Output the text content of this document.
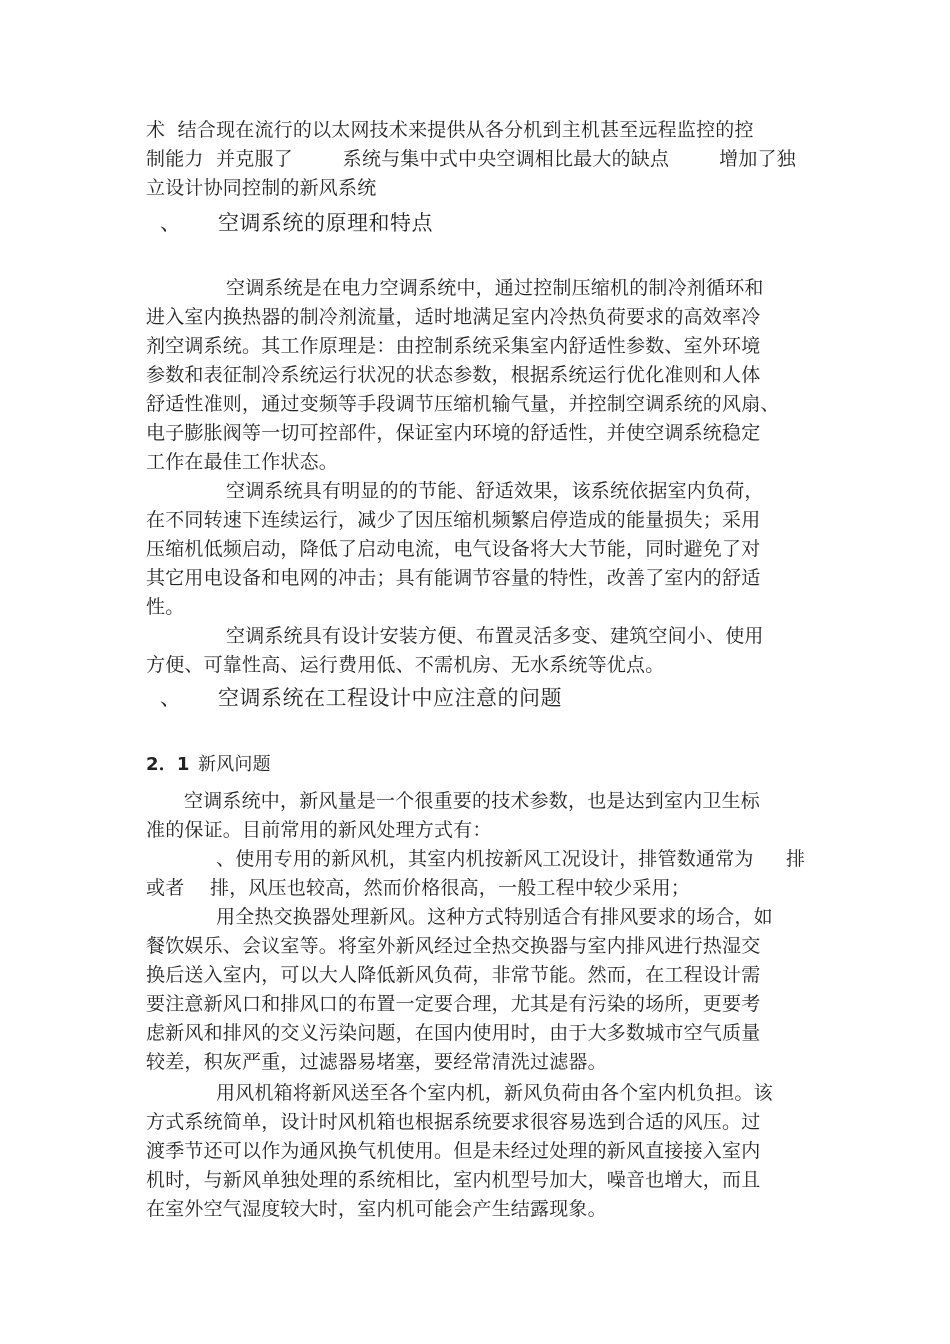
术  结合现在流行的以太网技术来提供从各分机到主机甚至远程监控的控
制能力  并克服了        系统与集中式中央空调相比最大的缺点        增加了独
立设计协同控制的新风系统
、 空调系统的原理和特点
空调系统是在电力空调系统中，通过控制压缩机的制冷剂循环和
进入室内换热器的制冷剂流量，适时地满足室内冷热负荷要求的高效率冷
剂空调系统。其工作原理是：由控制系统采集室内舒适性参数、室外环境
参数和表征制冷系统运行状况的状态参数，根据系统运行优化准则和人体
舒适性准则，通过变频等手段调节压缩机输气量，并控制空调系统的风扇、
电子膨胀阀等一切可控部件，保证室内环境的舒适性，并使空调系统稳定
工作在最佳工作状态。
空调系统具有明显的的节能、舒适效果，该系统依据室内负荷，
在不同转速下连续运行，减少了因压缩机频繁启停造成的能量损失；采用
压缩机低频启动，降低了启动电流，电气设备将大大节能，同时避免了对
其它用电设备和电网的冲击；具有能调节容量的特性，改善了室内的舒适
性。
空调系统具有设计安装方便、布置灵活多变、建筑空间小、使用
方便、可靠性高、运行费用低、不需机房、无水系统等优点。
、 空调系统在工程设计中应注意的问题
2．1 新风问题
空调系统中，新风量是一个很重要的技术参数，也是达到室内卫生标
准的保证。目前常用的新风处理方式有：
、使用专用的新风机，其室内机按新风工况设计，排管数通常为 排
或者 排，风压也较高，然而价格很高，一般工程中较少采用；
用全热交换器处理新风。这种方式特别适合有排风要求的场合，如
餐饮娱乐、会议室等。将室外新风经过全热交换器与室内排风进行热湿交
换后送入室内，可以大人降低新风负荷，非常节能。然而，在工程设计需
要注意新风口和排风口的布置一定要合理，尤其是有污染的场所，更要考
虑新风和排风的交义污染问题，在国内使用时，由于大多数城市空气质量
较差，积灰严重，过滤器易堵塞，要经常清洗过滤器。
用风机箱将新风送至各个室内机，新风负荷由各个室内机负担。该
方式系统简单，设计时风机箱也根据系统要求很容易选到合适的风压。过
渡季节还可以作为通风换气机使用。但是未经过处理的新风直接接入室内
机时，与新风单独处理的系统相比，室内机型号加大，噪音也增大，而且
在室外空气湿度较大时，室内机可能会产生结露现象。
